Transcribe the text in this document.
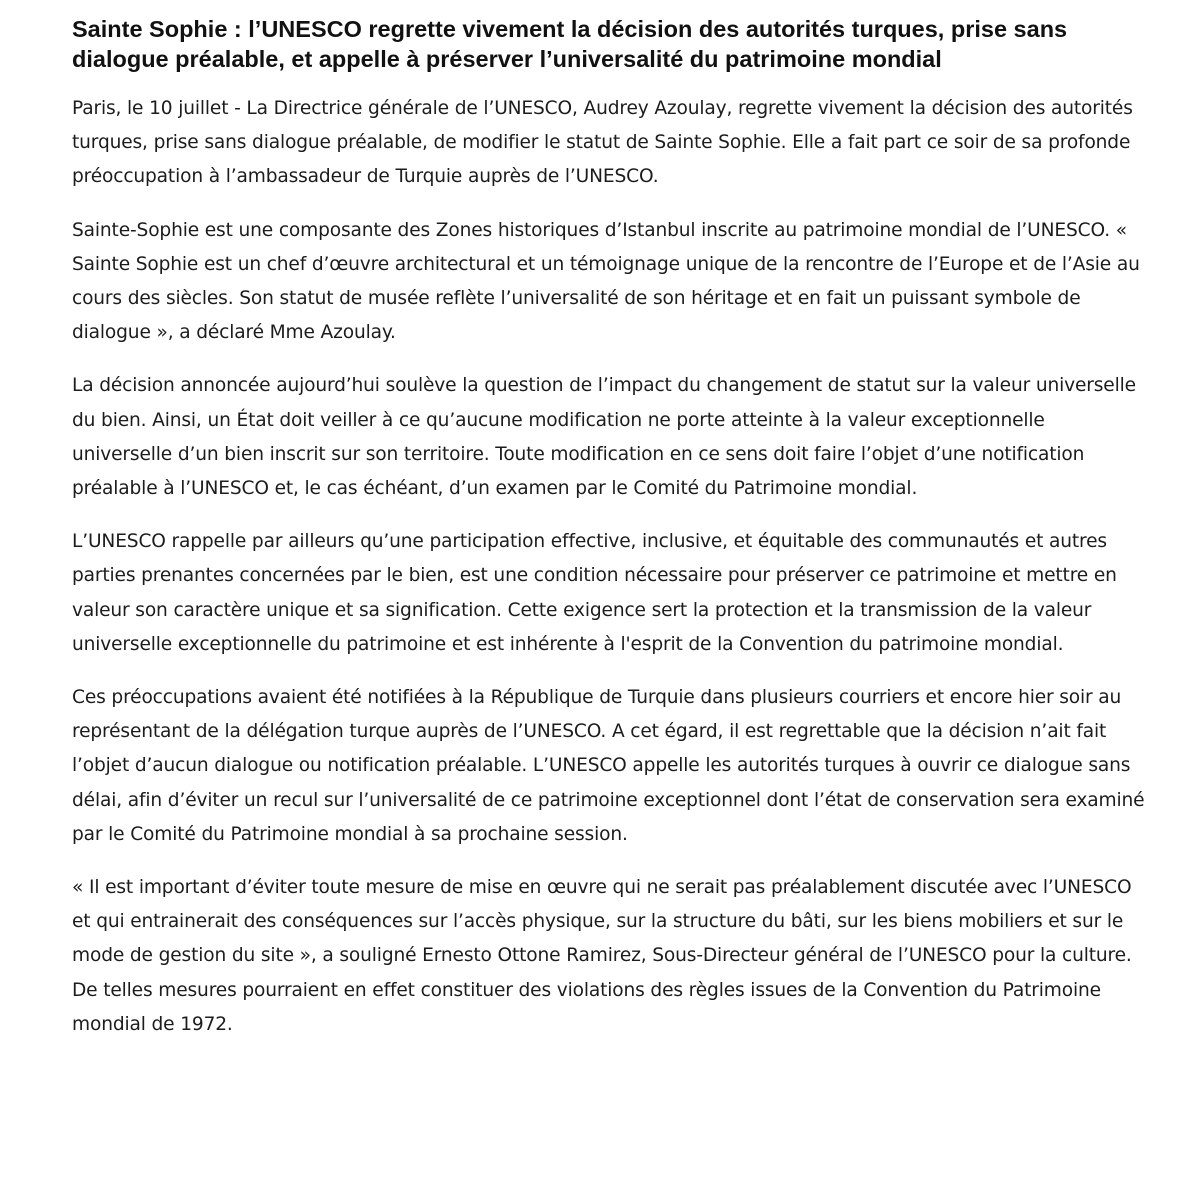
Sainte Sophie : l’UNESCO regrette vivement la décision des autorités turques, prise sans dialogue préalable, et appelle à préserver l’universalité du patrimoine mondial

Paris, le 10 juillet - La Directrice générale de l’UNESCO, Audrey Azoulay, regrette vivement la décision des autorités turques, prise sans dialogue préalable, de modifier le statut de Sainte Sophie. Elle a fait part ce soir de sa profonde préoccupation à l’ambassadeur de Turquie auprès de l’UNESCO.

Sainte-Sophie est une composante des Zones historiques d’Istanbul inscrite au patrimoine mondial de l’UNESCO. « Sainte Sophie est un chef d’œuvre architectural et un témoignage unique de la rencontre de l’Europe et de l’Asie au cours des siècles. Son statut de musée reflète l’universalité de son héritage et en fait un puissant symbole de dialogue », a déclaré Mme Azoulay.

La décision annoncée aujourd’hui soulève la question de l’impact du changement de statut sur la valeur universelle du bien. Ainsi, un État doit veiller à ce qu’aucune modification ne porte atteinte à la valeur exceptionnelle universelle d’un bien inscrit sur son territoire. Toute modification en ce sens doit faire l’objet d’une notification préalable à l’UNESCO et, le cas échéant, d’un examen par le Comité du Patrimoine mondial.

L’UNESCO rappelle par ailleurs qu’une participation effective, inclusive, et équitable des communautés et autres parties prenantes concernées par le bien, est une condition nécessaire pour préserver ce patrimoine et mettre en valeur son caractère unique et sa signification. Cette exigence sert la protection et la transmission de la valeur universelle exceptionnelle du patrimoine et est inhérente à l'esprit de la Convention du patrimoine mondial.

Ces préoccupations avaient été notifiées à la République de Turquie dans plusieurs courriers et encore hier soir au représentant de la délégation turque auprès de l’UNESCO. A cet égard, il est regrettable que la décision n’ait fait l’objet d’aucun dialogue ou notification préalable. L’UNESCO appelle les autorités turques à ouvrir ce dialogue sans délai, afin d’éviter un recul sur l’universalité de ce patrimoine exceptionnel dont l’état de conservation sera examiné par le Comité du Patrimoine mondial à sa prochaine session.

« Il est important d’éviter toute mesure de mise en œuvre qui ne serait pas préalablement discutée avec l’UNESCO et qui entrainerait des conséquences sur l’accès physique, sur la structure du bâti, sur les biens mobiliers et sur le mode de gestion du site », a souligné Ernesto Ottone Ramirez, Sous-Directeur général de l’UNESCO pour la culture. De telles mesures pourraient en effet constituer des violations des règles issues de la Convention du Patrimoine mondial de 1972.
